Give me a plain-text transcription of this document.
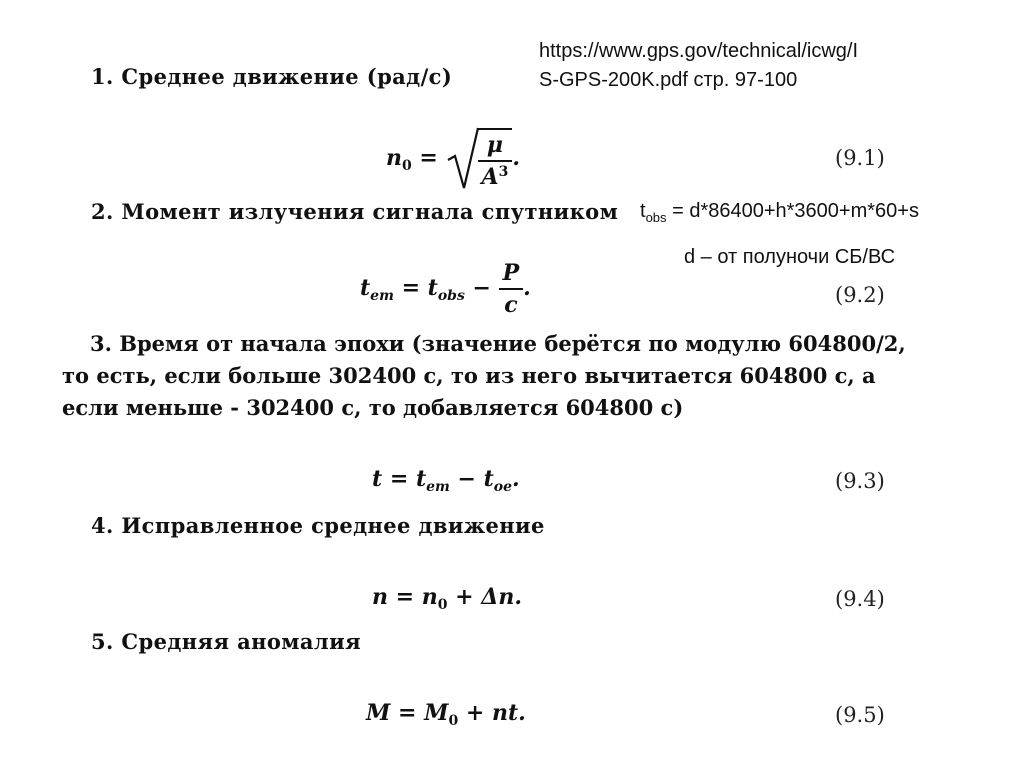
https://www.gps.gov/technical/icwg/I
S-GPS-200K.pdf стр. 97-100
1. Среднее движение (рад/с)
$n_0 = \frac{\mu}{A^3}$ .	(9.1)
2. Момент излучения сигнала спутником $t_{obs} = d*86400+h*3600+m*60+s$
d – от полуночи СБ/ВС
$t_{em} = t_{obs} - \frac{P}{c}$ .	(9.2)
3. Время от начала эпохи (значение берётся по модулю 604800/2,
то есть, если больше 302400 с, то из него вычитается 604800 с, а
если меньше - 302400 с, то добавляется 604800 с)
$t = t_{em} - t_{oe}$.	(9.3)
4. Исправленное среднее движение
$n = n_0 + \Delta n$.	(9.4)
5. Средняя аномалия
$M = M_0$ + nt.	(9.5)
